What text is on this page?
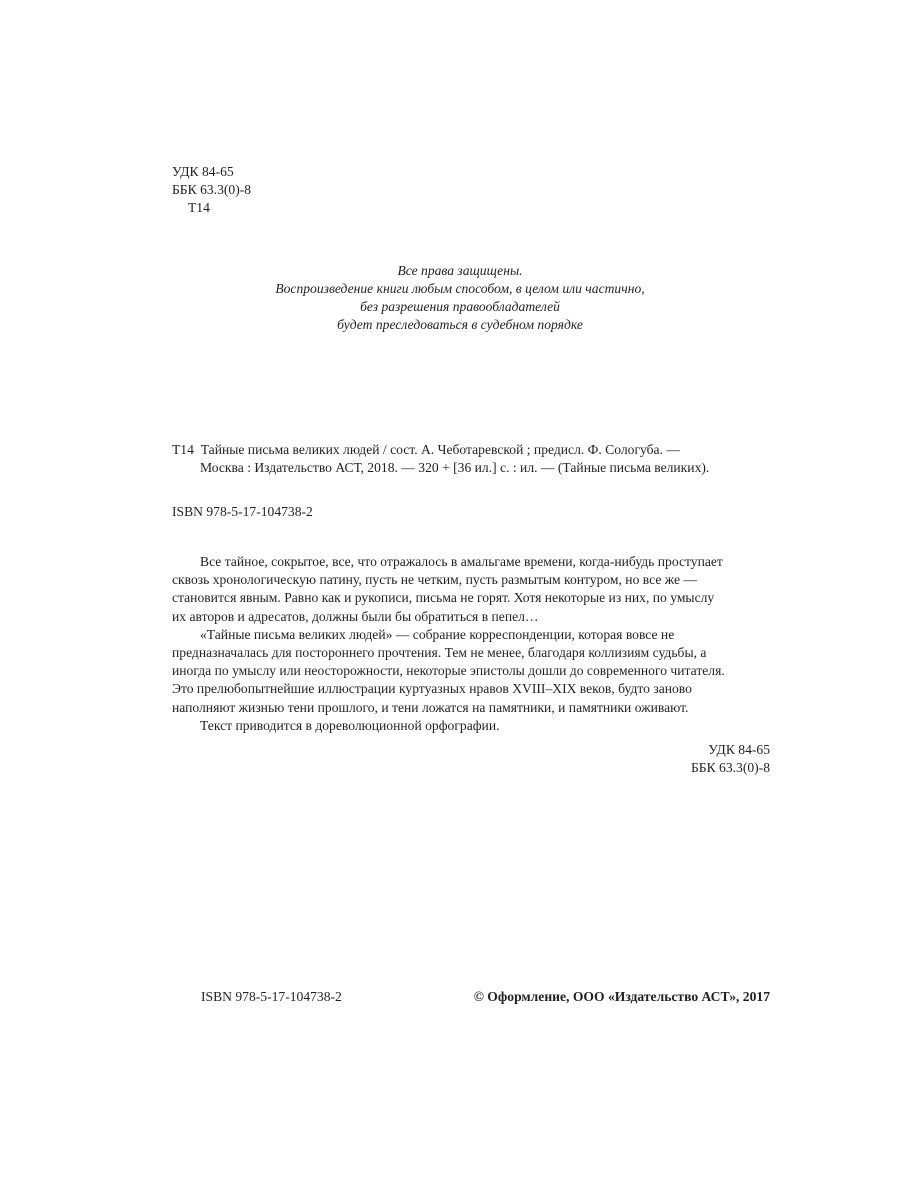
УДК 84-65
ББК 63.3(0)-8
Т14
Все права защищены.
Воспроизведение книги любым способом, в целом или частично,
без разрешения правообладателей
будет преследоваться в судебном порядке
Т14  Тайные письма великих людей / сост. А. Чеботаревской ; предисл. Ф. Сологуба. —
Москва : Издательство АСТ, 2018. — 320 + [36 ил.] с. : ил. — (Тайные письма великих).
ISBN 978-5-17-104738-2

Все тайное, сокрытое, все, что отражалось в амальгаме времени, когда-нибудь проступает
сквозь хронологическую патину, пусть не четким, пусть размытым контуром, но все же —
становится явным. Равно как и рукописи, письма не горят. Хотя некоторые из них, по умыслу
их авторов и адресатов, должны были бы обратиться в пепел…

«Тайные письма великих людей» — собрание корреспонденции, которая вовсе не
предназначалась для постороннего прочтения. Тем не менее, благодаря коллизиям судьбы, а
иногда по умыслу или неосторожности, некоторые эпистолы дошли до современного читателя.
Это прелюбопытнейшие иллюстрации куртуазных нравов XVIII–XIX веков, будто заново
наполняют жизнью тени прошлого, и тени ложатся на памятники, и памятники оживают.

Текст приводится в дореволюционной орфографии.

УДК 84-65
ББК 63.3(0)-8
ISBN 978-5-17-104738-2	© Оформление, ООО «Издательство АСТ», 2017
